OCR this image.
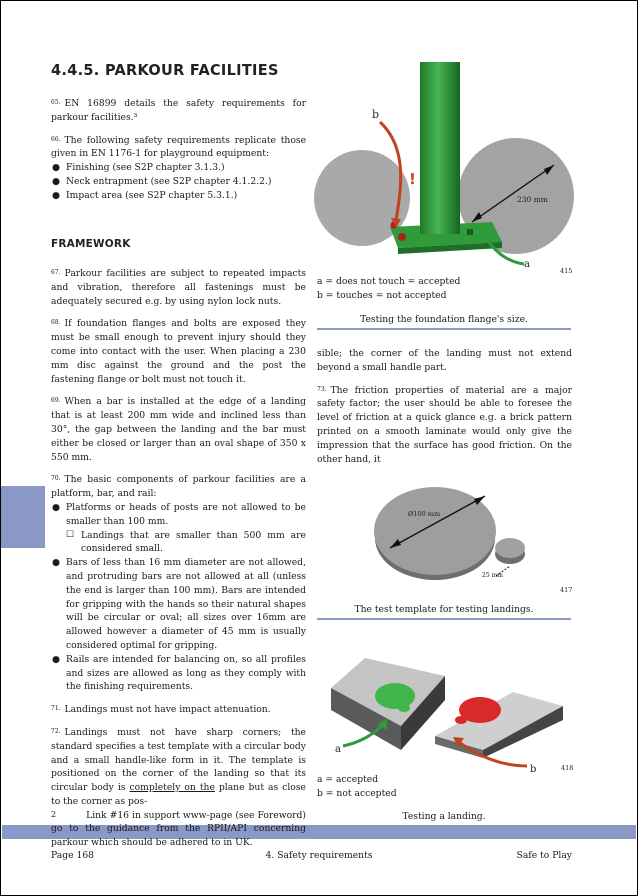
4.4.5. PARKOUR FACILITIES

$^{65.}$ EN 16899 details the safety requirements for parkour facilities.³

$^{66.}$ The following safety requirements replicate those given in EN 1176-1 for playground equipment:

● Finishing (see S2P chapter 3.1.3.)
● Neck entrapment (see S2P chapter 4.1.2.2.)
● Impact area (see S2P chapter 5.3.1.)
FRAMEWORK

$^{67.}$ Parkour facilities are subject to repeated impacts and vibration, therefore all fastenings must be adequately secured e.g. by using nylon lock nuts.

$^{68.}$ If foundation flanges and bolts are exposed they must be small enough to prevent injury should they come into contact with the user. When placing a 230 mm disc against the ground and the post the fastening flange or bolt must not touch it.

$^{69.}$ When a bar is installed at the edge of a landing that is at least 200 mm wide and inclined less than 30°, the gap between the landing and the bar must either be closed or larger than an oval shape of 350 x 550 mm.

$^{70.}$ The basic components of parkour facilities are a platform, bar, and rail:

● Platforms or heads of posts are not allowed to be smaller than 100 mm.
☐ Landings that are smaller than 500 mm are considered small.
● Bars of less than 16 mm diameter are not allowed, and protruding bars are not allowed at all (unless the end is larger than 100 mm). Bars are intended for gripping with the hands so their natural shapes will be circular or oval; all sizes over 16mm are allowed however a diameter of 45 mm is usually considered optimal for gripping.
● Rails are intended for balancing on, so all profiles and sizes are allowed as long as they comply with the finishing requirements.

$^{71.}$ Landings must not have impact attenuation.

$^{72.}$ Landings must not have sharp corners; the standard specifies a test template with a circular body and a small handle-like form in it. The template is positioned on the corner of the landing so that its circular body is completely on the plane but as close to the corner as pos-

2	Link #16 in support www-page (see Foreword) go to the guidance from the RPII/API concerning parkour which should be adhered to in UK.

b
!
a
230 mm
415

a = does not touch = accepted

b = touches = not accepted

Testing the foundation flange's size.

sible; the corner of the landing must not extend beyond a small handle part.

$^{73.}$ The friction properties of material are a major safety factor; the user should be able to foresee the level of friction at a quick glance e.g. a brick pattern printed on a smooth laminate would only give the impression that the surface has good friction. On the other hand, it

Ø100 mm
25 mm
417
The test template for testing landings.
a
b	418

a = accepted

b = not accepted

Testing a landing.
Page 168	4. Safety requirements	Safe to Play
